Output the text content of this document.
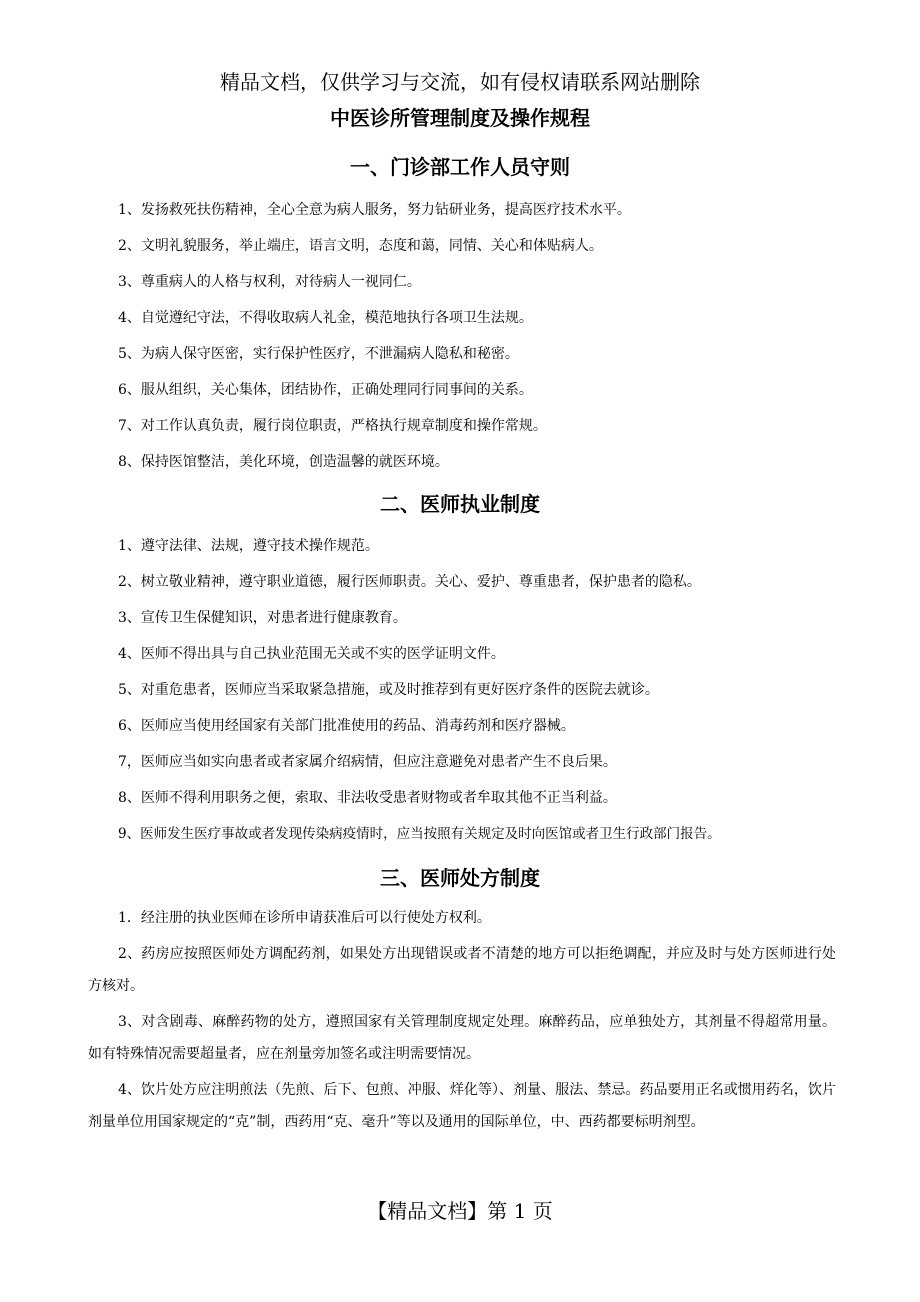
精品文档，仅供学习与交流，如有侵权请联系网站删除
中医诊所管理制度及操作规程
一、门诊部工作人员守则
1、发扬救死扶伤精神，全心全意为病人服务，努力钻研业务，提高医疗技术水平。
2、文明礼貌服务，举止端庄，语言文明，态度和蔼，同情、关心和体贴病人。
3、尊重病人的人格与权利，对待病人一视同仁。
4、自觉遵纪守法，不得收取病人礼金，模范地执行各项卫生法规。
5、为病人保守医密，实行保护性医疗，不泄漏病人隐私和秘密。
6、服从组织，关心集体，团结协作，正确处理同行同事间的关系。
7、对工作认真负责，履行岗位职责，严格执行规章制度和操作常规。
8、保持医馆整洁，美化环境，创造温馨的就医环境。
二、医师执业制度
1、遵守法律、法规，遵守技术操作规范。
2、树立敬业精神，遵守职业道德，履行医师职责。关心、爱护、尊重患者，保护患者的隐私。
3、宣传卫生保健知识，对患者进行健康教育。
4、医师不得出具与自己执业范围无关或不实的医学证明文件。
5、对重危患者，医师应当采取紧急措施，或及时推荐到有更好医疗条件的医院去就诊。
6、医师应当使用经国家有关部门批准使用的药品、消毒药剂和医疗器械。
7，医师应当如实向患者或者家属介绍病情，但应注意避免对患者产生不良后果。
8、医师不得利用职务之便，索取、非法收受患者财物或者牟取其他不正当利益。
9、医师发生医疗事故或者发现传染病疫情时，应当按照有关规定及时向医馆或者卫生行政部门报告。
三、医师处方制度

1．经注册的执业医师在诊所申请获准后可以行使处方权利。

2、药房应按照医师处方调配药剂，如果处方出现错误或者不清楚的地方可以拒绝调配，并应及时与处方医师进行处方核对。

3、对含剧毒、麻醉药物的处方，遵照国家有关管理制度规定处理。麻醉药品，应单独处方，其剂量不得超常用量。如有特殊情况需要超量者，应在剂量旁加签名或注明需要情况。

4、饮片处方应注明煎法（先煎、后下、包煎、冲服、烊化等）、剂量、服法、禁忌。药品要用正名或惯用药名，饮片剂量单位用国家规定的“克”制，西药用“克、毫升”等以及通用的国际单位，中、西药都要标明剂型。

【精品文档】第 1 页
